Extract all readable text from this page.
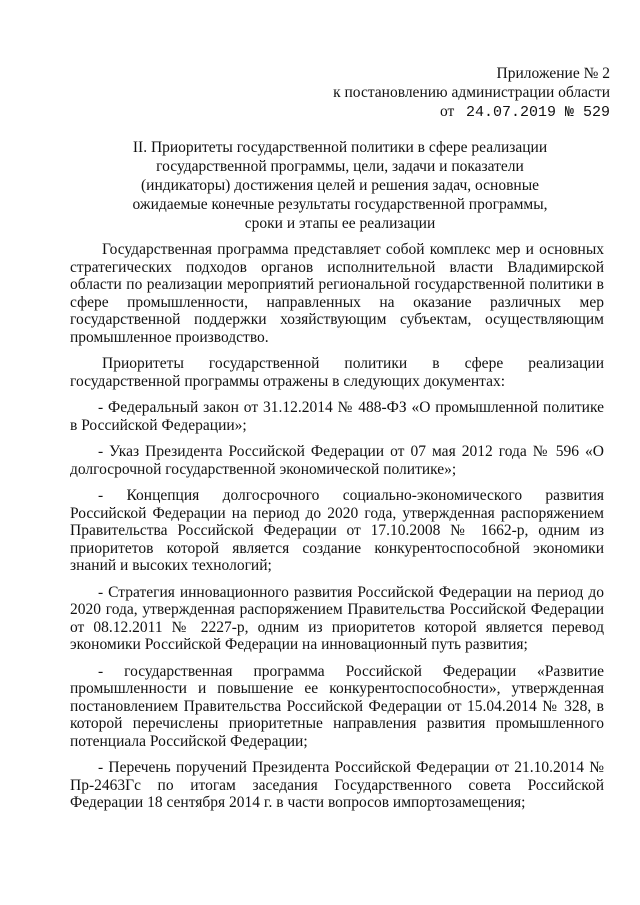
Приложение № 2
к постановлению администрации области
от 24.07.2019 № 529
II. Приоритеты государственной политики в сфере реализации
государственной программы, цели, задачи и показатели
(индикаторы) достижения целей и решения задач, основные
ожидаемые конечные результаты государственной программы,
сроки и этапы ее реализации

Государственная программа представляет собой комплекс мер и основных стратегических подходов органов исполнительной власти Владимирской области по реализации мероприятий региональной государственной политики в сфере промышленности, направленных на оказание различных мер государственной поддержки хозяйствующим субъектам, осуществляющим промышленное производство.

Приоритеты государственной политики в сфере реализации государственной программы отражены в следующих документах:

- Федеральный закон от 31.12.2014 № 488-ФЗ «О промышленной политике в Российской Федерации»;

- Указ Президента Российской Федерации от 07 мая 2012 года № 596 «О долгосрочной государственной экономической политике»;

- Концепция долгосрочного социально-экономического развития Российской Федерации на период до 2020 года, утвержденная распоряжением Правительства Российской Федерации от 17.10.2008 № 1662-р, одним из приоритетов которой является создание конкурентоспособной экономики знаний и высоких технологий;

- Стратегия инновационного развития Российской Федерации на период до 2020 года, утвержденная распоряжением Правительства Российской Федерации от 08.12.2011 № 2227-р, одним из приоритетов которой является перевод экономики Российской Федерации на инновационный путь развития;

- государственная программа Российской Федерации «Развитие промышленности и повышение ее конкурентоспособности», утвержденная постановлением Правительства Российской Федерации от 15.04.2014 № 328, в которой перечислены приоритетные направления развития промышленного потенциала Российской Федерации;

- Перечень поручений Президента Российской Федерации от 21.10.2014 № Пр-2463Гс по итогам заседания Государственного совета Российской Федерации 18 сентября 2014 г. в части вопросов импортозамещения;
